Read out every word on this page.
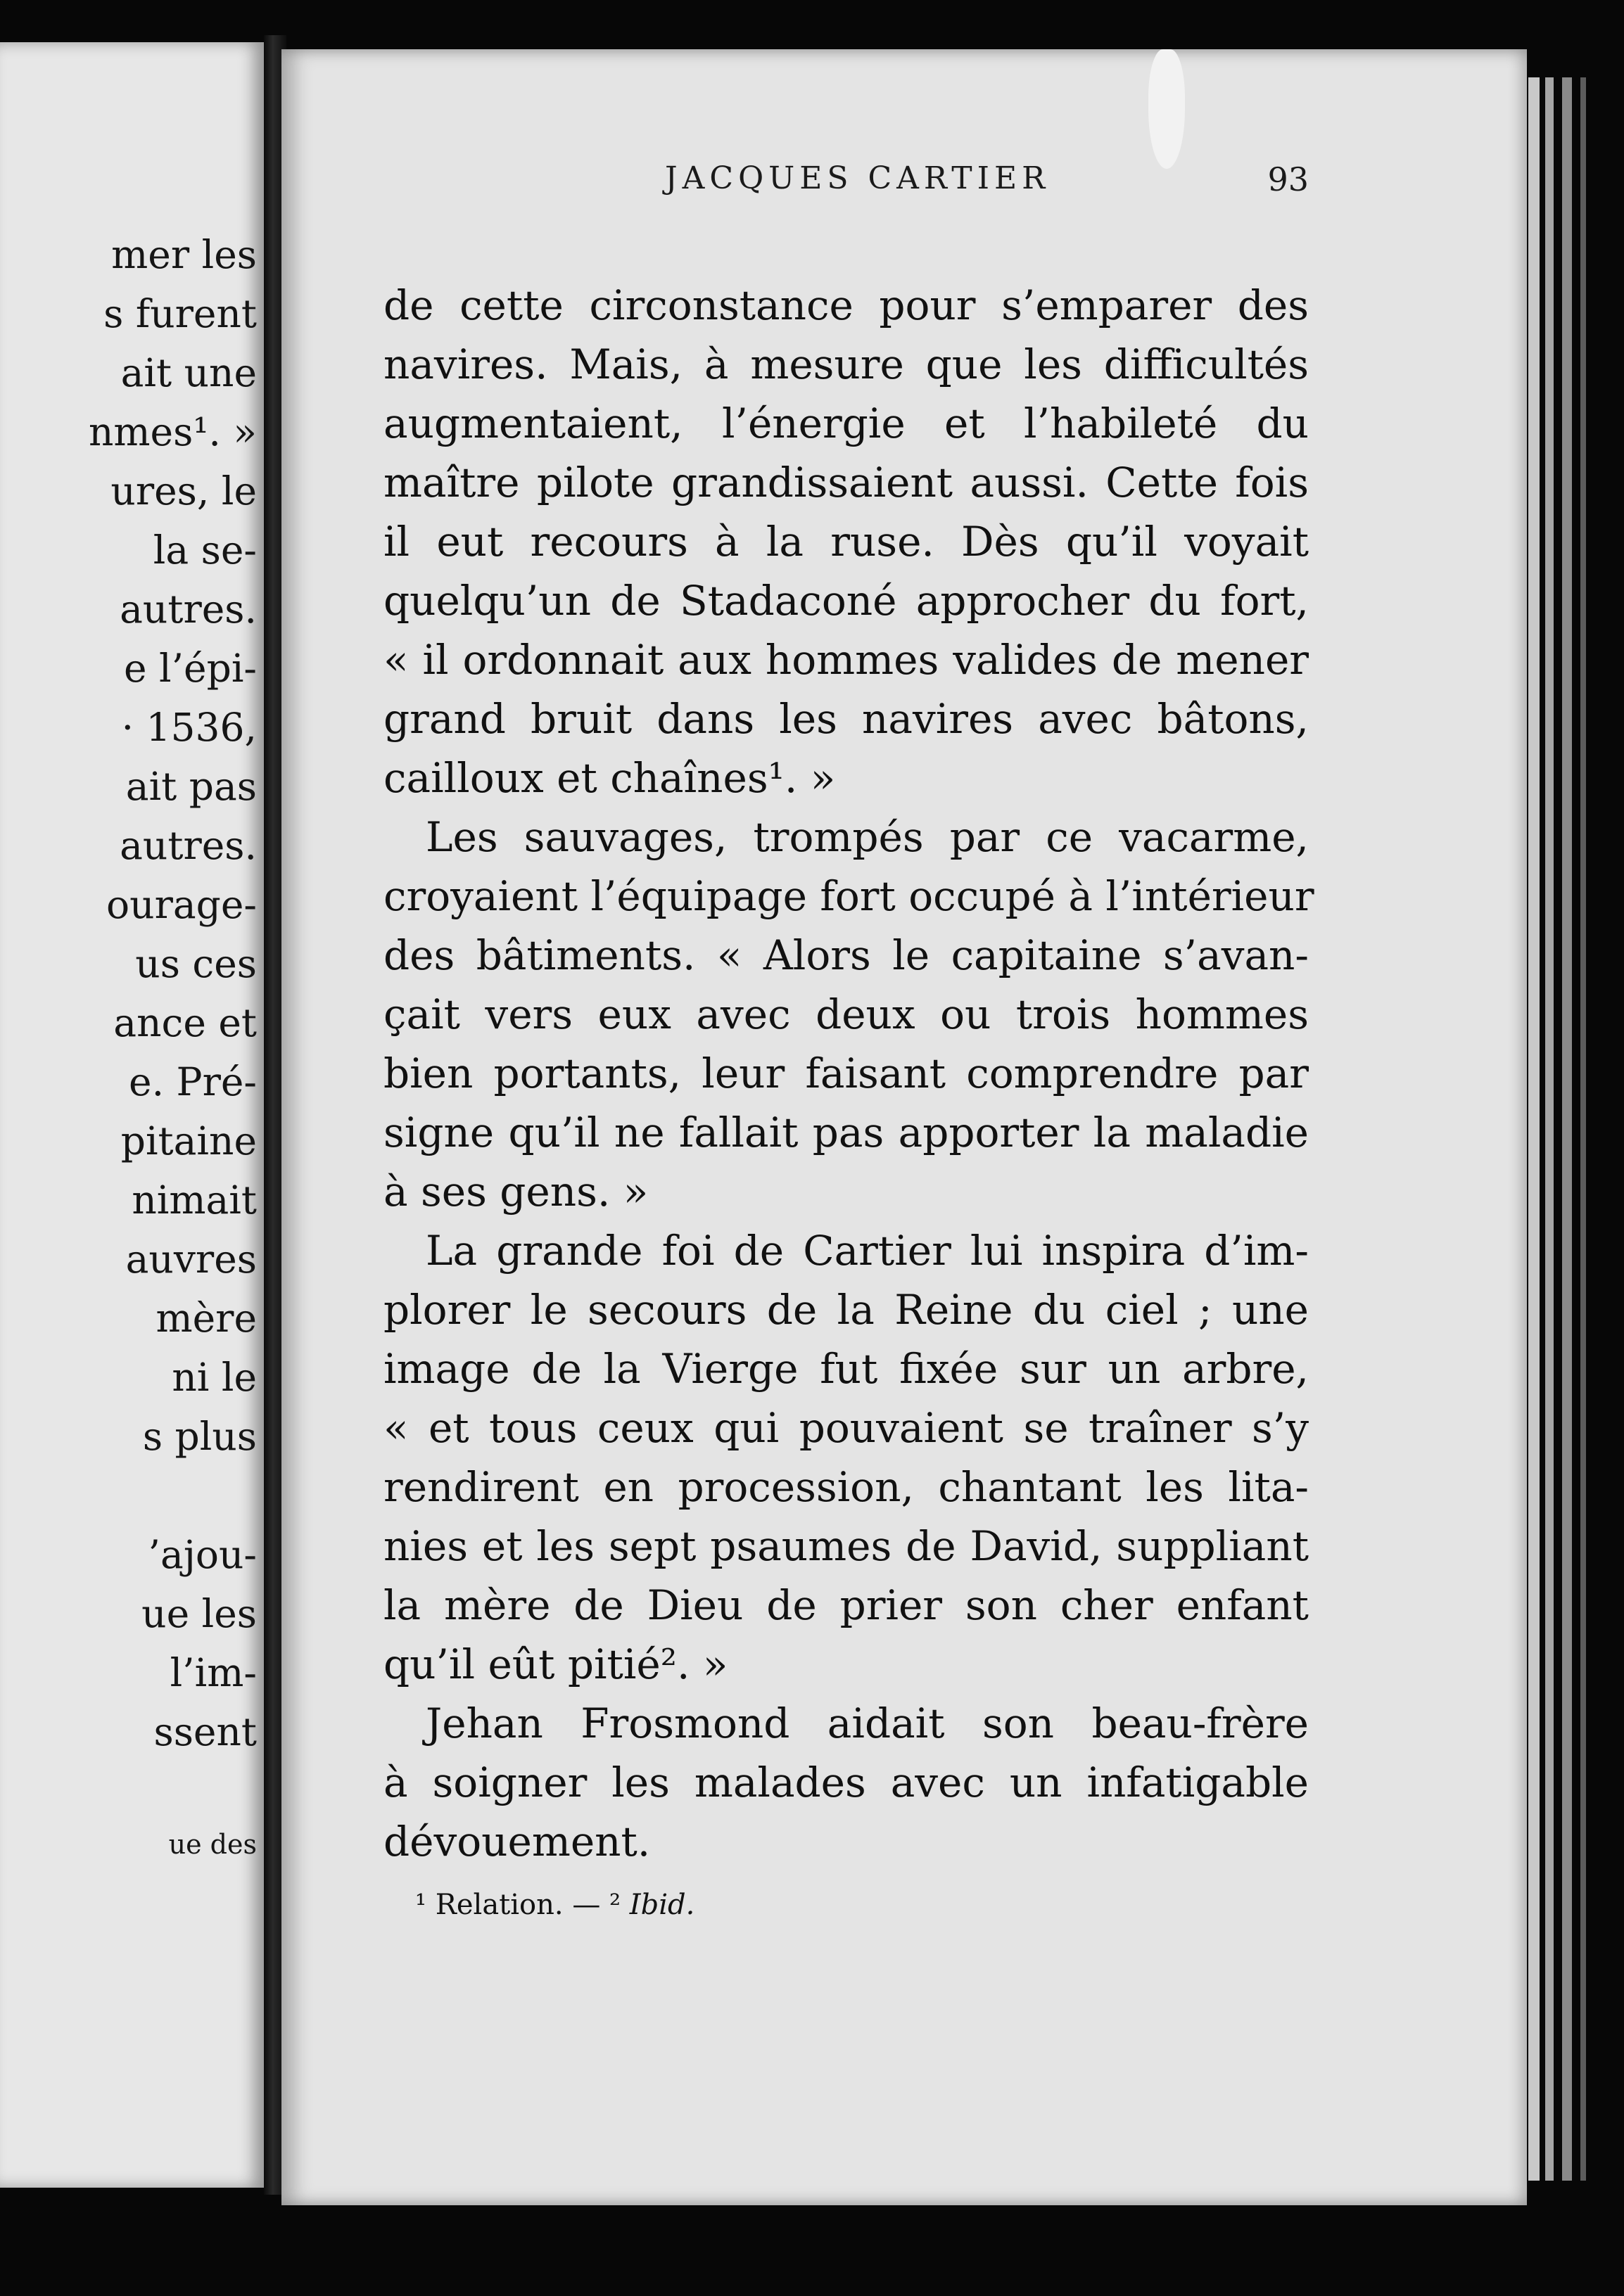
mer les
s furent
ait une
nmes¹. »
ures, le
la se-
autres.
e l’épi-
· 1536,
ait pas
autres.
ourage-
us ces
ance et
e. Pré-
pitaine
nimait
auvres
mère
ni le
s plus
’ajou-
ue les
l’im-
ssent
ue des
JACQUES CARTIER	93
de cette circonstance pour s’emparer des
navires. Mais, à mesure que les difficultés
augmentaient, l’énergie et l’habileté du
maître pilote grandissaient aussi. Cette fois
il eut recours à la ruse. Dès qu’il voyait
quelqu’un de Stadaconé approcher du fort,
« il ordonnait aux hommes valides de mener
grand bruit dans les navires avec bâtons,
cailloux et chaînes¹. »
Les sauvages, trompés par ce vacarme,
croyaient l’équipage fort occupé à l’intérieur
des bâtiments. « Alors le capitaine s’avan-
çait vers eux avec deux ou trois hommes
bien portants, leur faisant comprendre par
signe qu’il ne fallait pas apporter la maladie
à ses gens. »
La grande foi de Cartier lui inspira d’im-
plorer le secours de la Reine du ciel ; une
image de la Vierge fut fixée sur un arbre,
« et tous ceux qui pouvaient se traîner s’y
rendirent en procession, chantant les lita-
nies et les sept psaumes de David, suppliant
la mère de Dieu de prier son cher enfant
qu’il eût pitié². »
Jehan Frosmond aidait son beau-frère
à soigner les malades avec un infatigable
dévouement.
¹ Relation. — ² Ibid.
